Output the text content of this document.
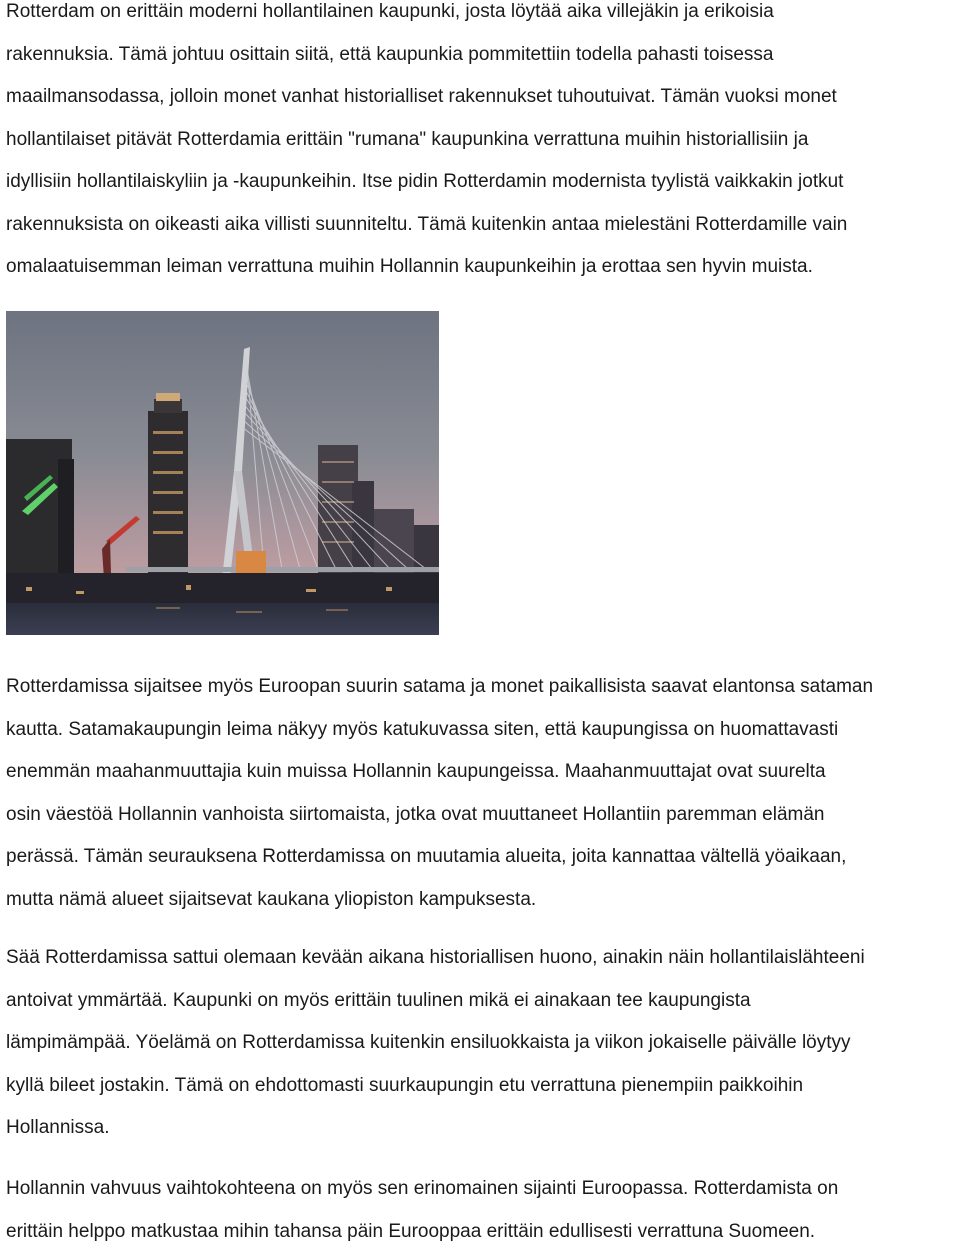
Rotterdam on erittäin moderni hollantilainen kaupunki, josta löytää aika villejäkin ja erikoisia
rakennuksia. Tämä johtuu osittain siitä, että kaupunkia pommitettiin todella pahasti toisessa
maailmansodassa, jolloin monet vanhat historialliset rakennukset tuhoutuivat. Tämän vuoksi monet
hollantilaiset pitävät Rotterdamia erittäin "rumana" kaupunkina verrattuna muihin historiallisiin ja
idyllisiin hollantilaiskyliin ja -kaupunkeihin. Itse pidin Rotterdamin modernista tyylistä vaikkakin jotkut
rakennuksista on oikeasti aika villisti suunniteltu. Tämä kuitenkin antaa mielestäni Rotterdamille vain
omalaatuisemman leiman verrattuna muihin Hollannin kaupunkeihin ja erottaa sen hyvin muista.

Rotterdamissa sijaitsee myös Euroopan suurin satama ja monet paikallisista saavat elantonsa sataman
kautta. Satamakaupungin leima näkyy myös katukuvassa siten, että kaupungissa on huomattavasti
enemmän maahanmuuttajia kuin muissa Hollannin kaupungeissa. Maahanmuuttajat ovat suurelta
osin väestöä Hollannin vanhoista siirtomaista, jotka ovat muuttaneet Hollantiin paremman elämän
perässä. Tämän seurauksena Rotterdamissa on muutamia alueita, joita kannattaa vältellä yöaikaan,
mutta nämä alueet sijaitsevat kaukana yliopiston kampuksesta.

Sää Rotterdamissa sattui olemaan kevään aikana historiallisen huono, ainakin näin hollantilaislähteeni
antoivat ymmärtää. Kaupunki on myös erittäin tuulinen mikä ei ainakaan tee kaupungista
lämpimämpää. Yöelämä on Rotterdamissa kuitenkin ensiluokkaista ja viikon jokaiselle päivälle löytyy
kyllä bileet jostakin. Tämä on ehdottomasti suurkaupungin etu verrattuna pienempiin paikkoihin
Hollannissa.

Hollannin vahvuus vaihtokohteena on myös sen erinomainen sijainti Euroopassa. Rotterdamista on
erittäin helppo matkustaa mihin tahansa päin Eurooppaa erittäin edullisesti verrattuna Suomeen.
